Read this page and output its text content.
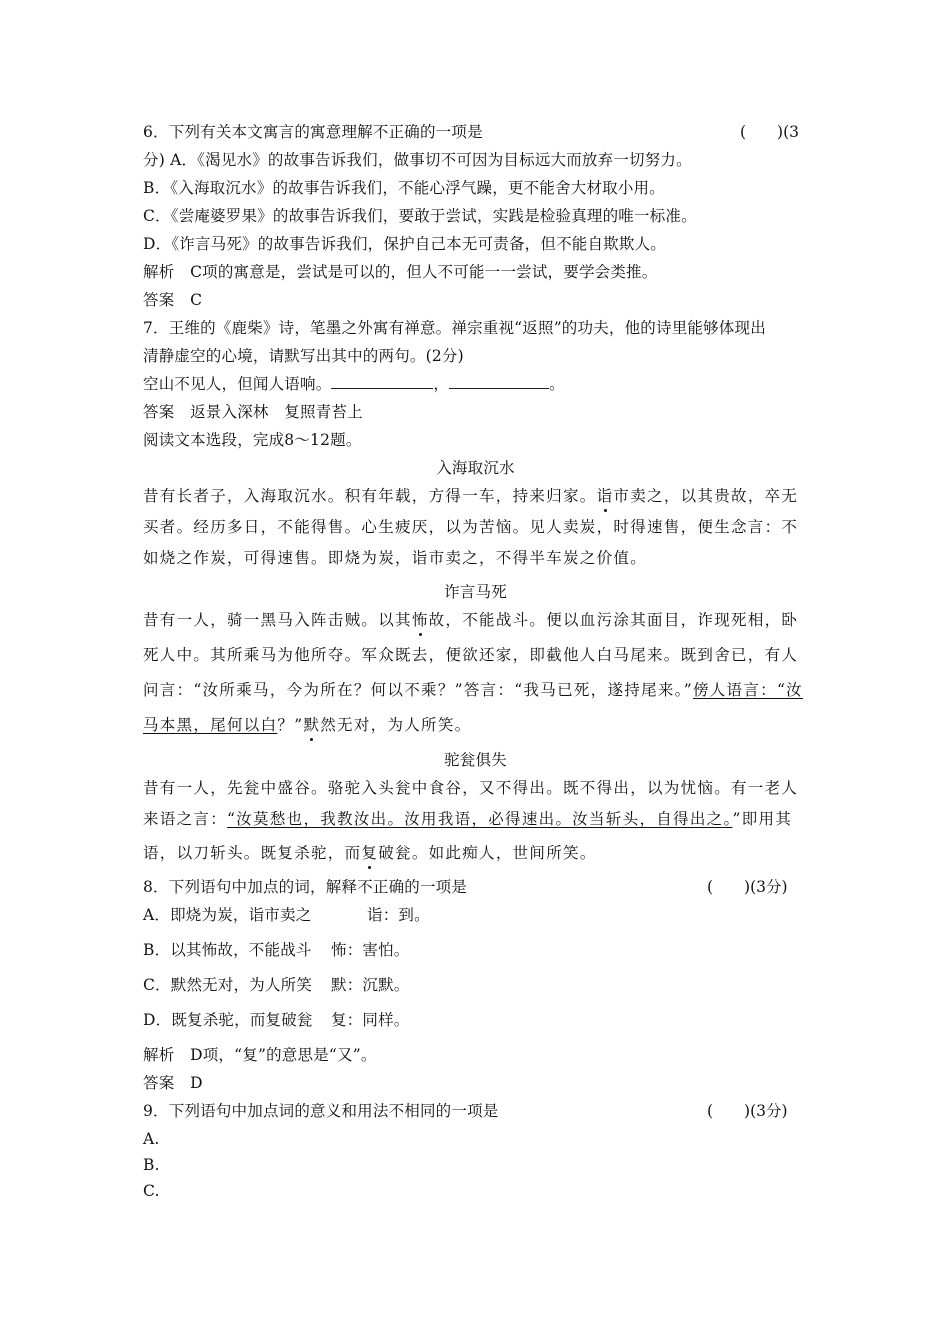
6．下列有关本文寓言的寓意理解不正确的一项是	(　　)(3
分) A．《渴见水》的故事告诉我们，做事切不可因为目标远大而放弃一切努力。
B．《入海取沉水》的故事告诉我们，不能心浮气躁，更不能舍大材取小用。
C．《尝庵婆罗果》的故事告诉我们，要敢于尝试，实践是检验真理的唯一标准。
D．《诈言马死》的故事告诉我们，保护自己本无可责备，但不能自欺欺人。
解析　C项的寓意是，尝试是可以的，但人不可能一一尝试，要学会类推。
答案　C
7．王维的《鹿柴》诗，笔墨之外寓有禅意。禅宗重视“返照”的功夫，他的诗里能够体现出
清静虚空的心境，请默写出其中的两句。(2分)
空山不见人，但闻人语响。	，	。
答案　返景入深林　复照青苔上
阅读文本选段，完成8～12题。
入海取沉水
昔有长者子，入海取沉水。积有年载，方得一车，持来归家。诣市卖之，以其贵故，卒无
买者。经历多日，不能得售。心生疲厌，以为苦恼。见人卖炭，时得速售，便生念言：不
如烧之作炭，可得速售。即烧为炭，诣市卖之，不得半车炭之价值。
诈言马死
昔有一人，骑一黑马入阵击贼。以其怖故，不能战斗。便以血污涂其面目，诈现死相，卧
死人中。其所乘马为他所夺。军众既去，便欲还家，即截他人白马尾来。既到舍已，有人
问言：“汝所乘马，今为所在？何以不乘？”答言：“我马已死，遂持尾来。”傍人语言：“汝
马本黑，尾何以白？”默然无对，为人所笑。
驼瓮俱失
昔有一人，先瓮中盛谷。骆驼入头瓮中食谷，又不得出。既不得出，以为忧恼。有一老人
来语之言：“汝莫愁也，我教汝出。汝用我语，必得速出。汝当斩头，自得出之。”即用其
语，以刀斩头。既复杀驼，而复破瓮。如此痴人，世间所笑。
8．下列语句中加点的词，解释不正确的一项是	(　　)(3分)
A．即烧为炭，诣市卖之	诣：到。
B．以其怖故，不能战斗 怖：害怕。
C．默然无对，为人所笑 默：沉默。
D．既复杀驼，而复破瓮 复：同样。
解析　D项，“复”的意思是“又”。
答案　D
9．下列语句中加点词的意义和用法不相同的一项是	(　　)(3分)
A.
B.
C.
